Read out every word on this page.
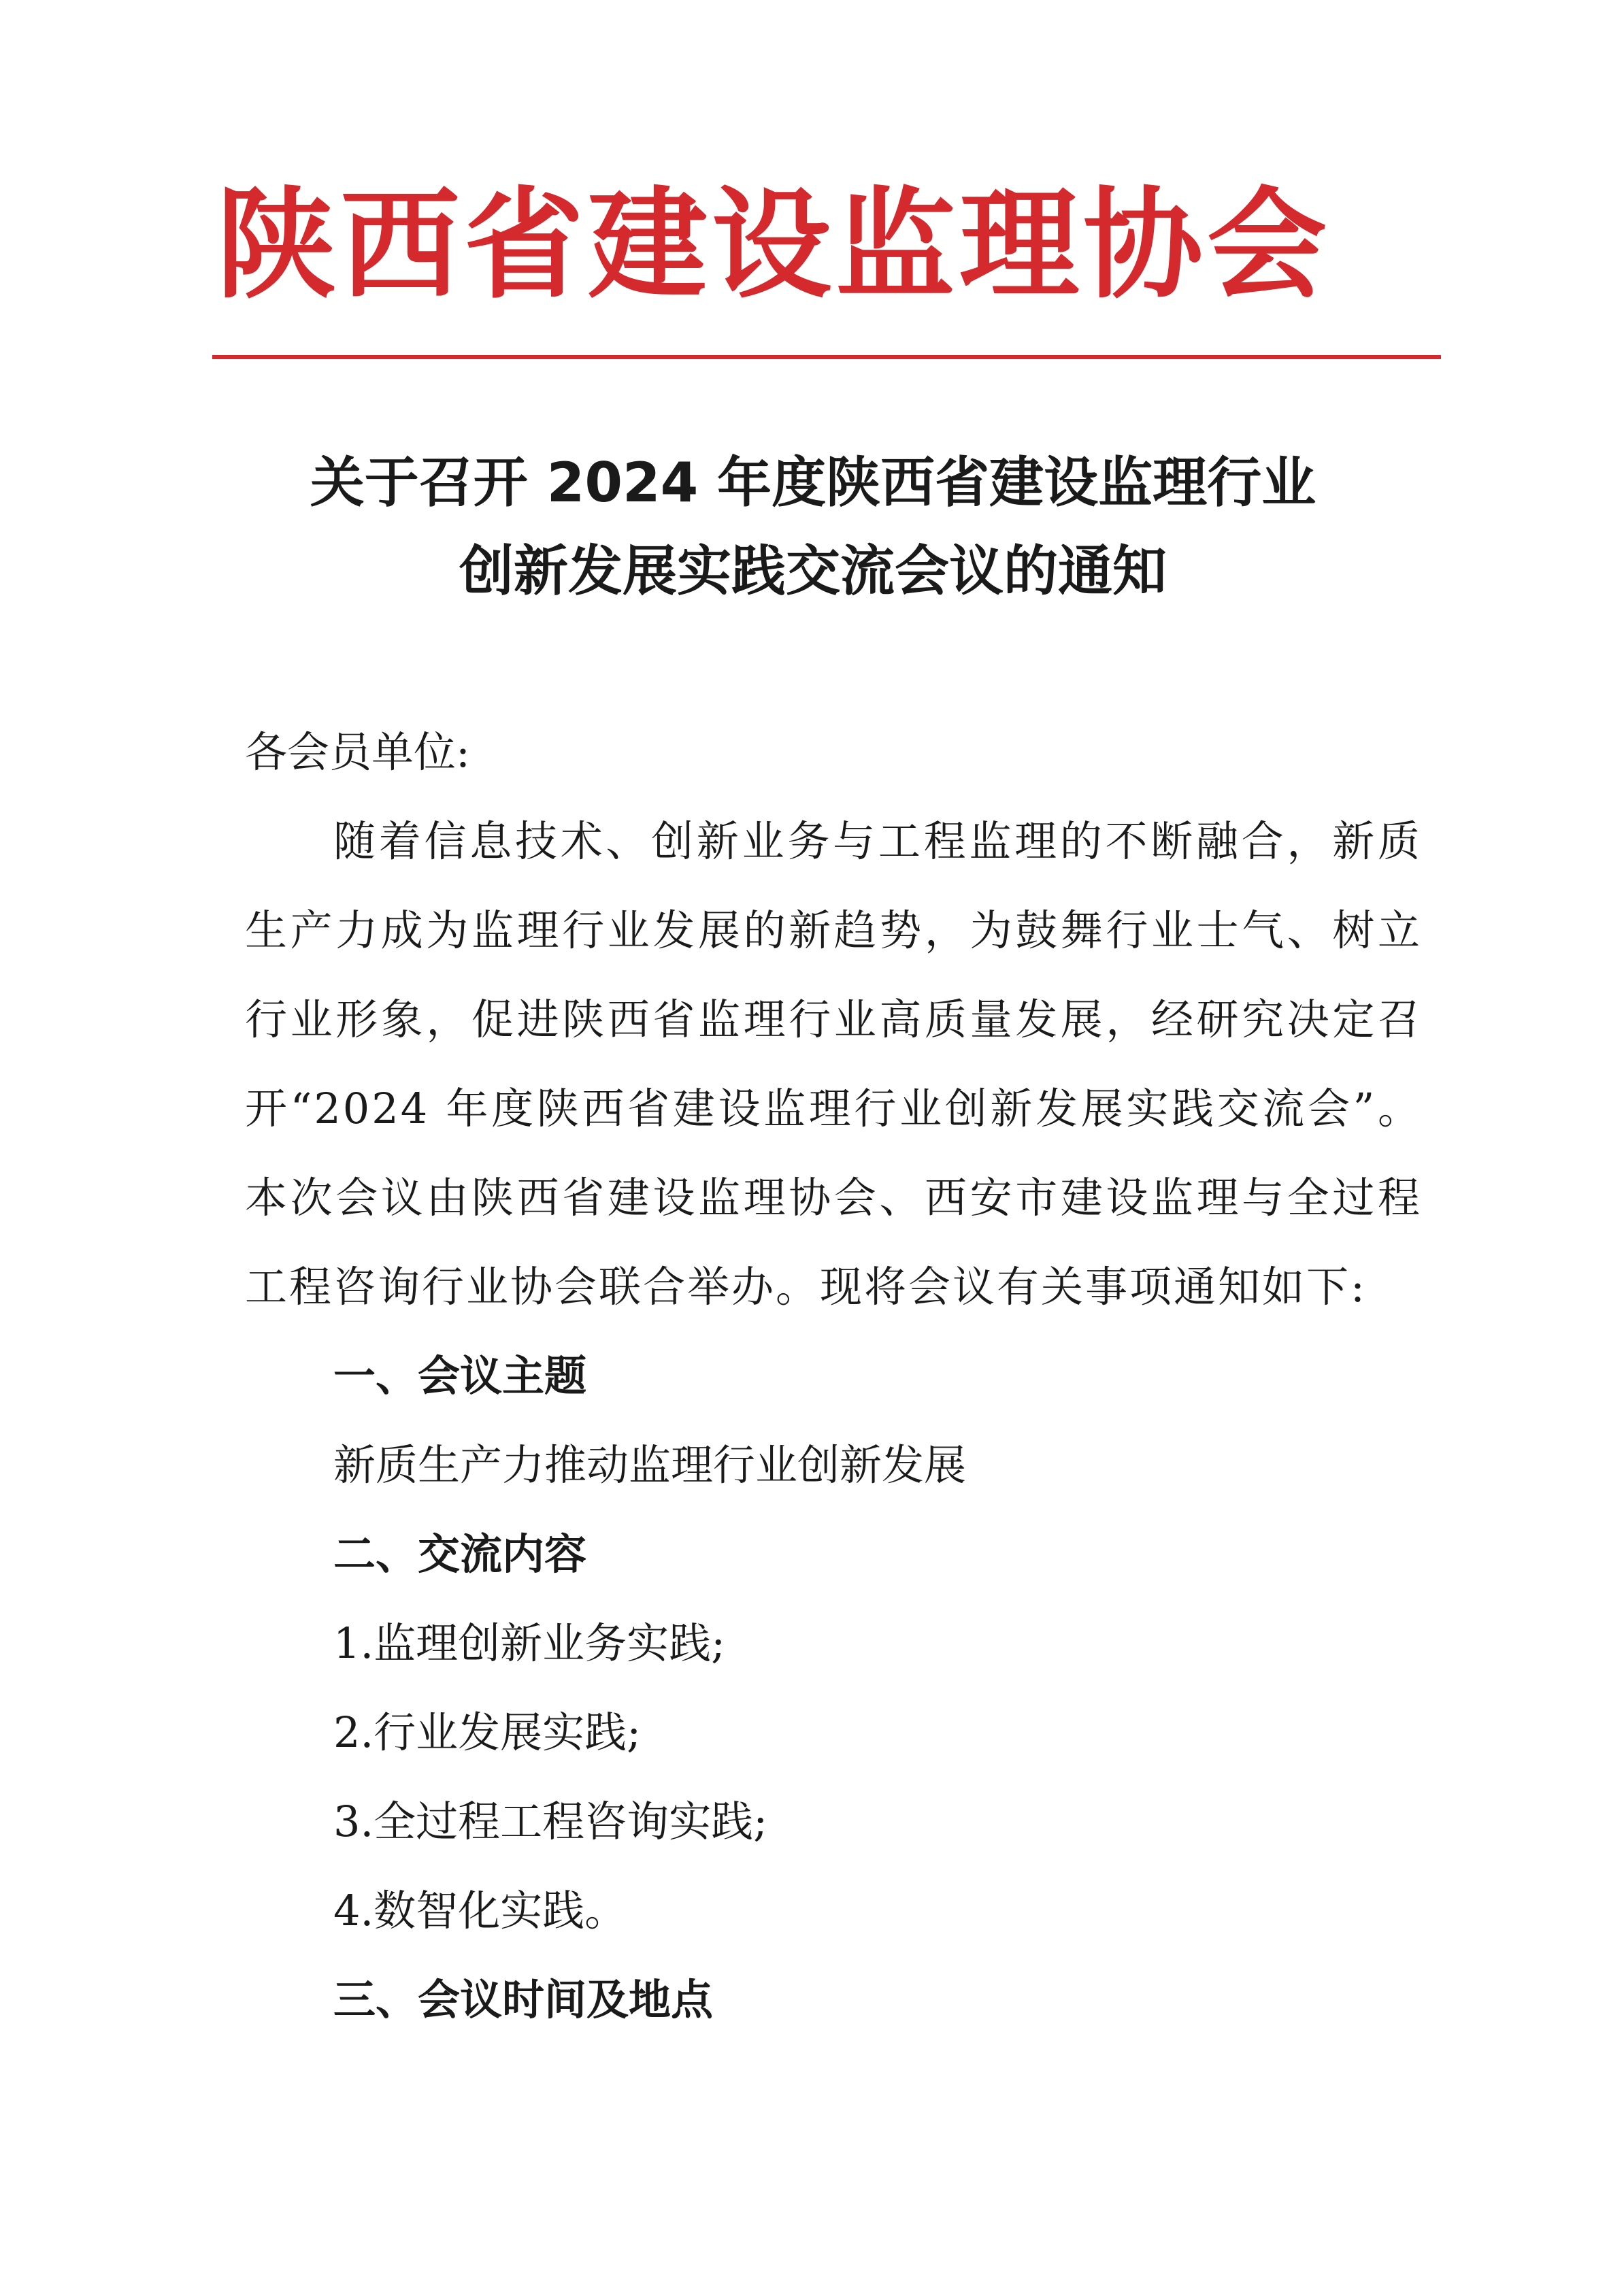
陕西省建设监理协会
关于召开 2024 年度陕西省建设监理行业
创新发展实践交流会议的通知
各会员单位:
随着信息技术、创新业务与工程监理的不断融合，新质生产力成为监理行业发展的新趋势，为鼓舞行业士气、树立行业形象，促进陕西省监理行业高质量发展，经研究决定召开“2024 年度陕西省建设监理行业创新发展实践交流会”。本次会议由陕西省建设监理协会、西安市建设监理与全过程工程咨询行业协会联合举办。现将会议有关事项通知如下:
一、会议主题
新质生产力推动监理行业创新发展
二、交流内容
1.监理创新业务实践;
2.行业发展实践;
3.全过程工程咨询实践;
4.数智化实践。
三、会议时间及地点
